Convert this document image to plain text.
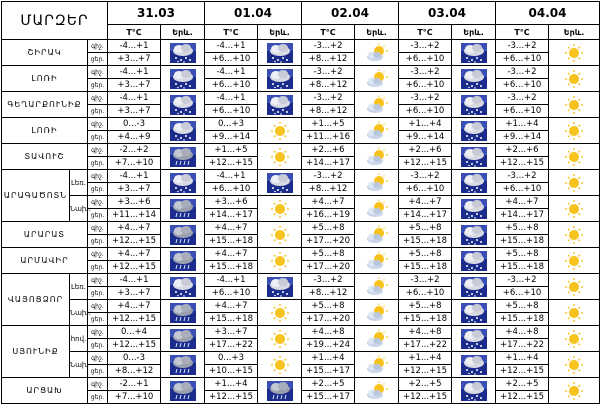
ՄԱՐԶԵՐ			31.03		01.04		02.04		03.04		04.04	
			T°C	Երև.	T°C	Երև.	T°C	Երև.	T°C	Երև.	T°C	Երև.
ՇԻՐԱԿ		գիշ.	-4...+1		-4...+1		-3...+2		-3...+2		-3...+2	
		ցեր.	+3...+7		+6...+10		+8...+12		+6...+10		+6...+10	
ԼՈՌԻ		գիշ.	-4...+1		-4...+1		-3...+2		-3...+2		-3...+2	
		ցեր.	+3...+7		+6...+10		+8...+12		+6...+10		+6...+10	
ԳԵՂԱՐՔՈՒՆԻՔ		գիշ.	-4...+1		-4...+1		-3...+2		-3...+2		-3...+2	
		ցեր.	+3...+7		+6...+10		+8...+12		+6...+10		+6...+10	
ԼՈՌԻ		գիշ.	0...-3		0...+3		+1...+5		+1...+4		+1...+4	
		ցեր.	+4...+9		+9...+14		+11...+16		+9...+14		+9...+14	
ՏԱՎՈՒՇ		գիշ.	-2...+2		+1...+5		+2...+6		+2...+6		+2...+6	
		ցեր.	+7...+10		+12...+15		+14...+17		+12...+15		+12...+15	
ԱՐԱԳԱԾՈՏՆ	Լեռ.	գիշ.	-4...+1		-4...+1		-3...+2		-3...+2		-3...+2	
		ցեր.	+3...+7		+6...+10		+8...+12		+6...+10		+6...+10	
	Նախ.	գիշ.	+3...+6		+3...+6		+4...+7		+4...+7		+4...+7	
		ցեր.	+11...+14		+14...+17		+16...+19		+14...+17		+14...+17	
ԱՐԱՐԱՏ		գիշ.	+4...+7		+4...+7		+5...+8		+5...+8		+5...+8	
		ցեր.	+12...+15		+15...+18		+17...+20		+15...+18		+15...+18	
ԱՐՄԱՎԻՐ		գիշ.	+4...+7		+4...+7		+5...+8		+5...+8		+5...+8	
		ցեր.	+12...+15		+15...+18		+17...+20		+15...+18		+15...+18	
ՎԱՅՈՑՁՈՐ	Լեռ.	գիշ.	-4...+1		-4...+1		-3...+2		-3...+2		-3...+2	
		ցեր.	+3...+7		+6...+10		+8...+12		+6...+10		+6...+10	
	Նախ.	գիշ.	+4...+7		+4...+7		+5...+8		+5...+8		+5...+8	
		ցեր.	+12...+15		+15...+18		+17...+20		+15...+18		+15...+18	
ՍՅՈՒՆԻՔ	հով.	գիշ.	0...+4		+3...+7		+4...+8		+4...+8		+4...+8	
		ցեր.	+12...+15		+17...+22		+19...+24		+17...+22		+17...+22	
	Նախ	գիշ.	0...-3		0...+3		+1...+4		+1...+4		+1...+4	
		ցեր.	+8...+12		+10...+15		+15...+17		+12...+15		+12...+15	
ԱՐՑԱԽ		գիշ.	-2...+1		+1...+4		+2...+5		+2...+5		+2...+5	
		ցեր.	+7...+10		+12...+15		+15...+17		+12...+15		+12...+15	
